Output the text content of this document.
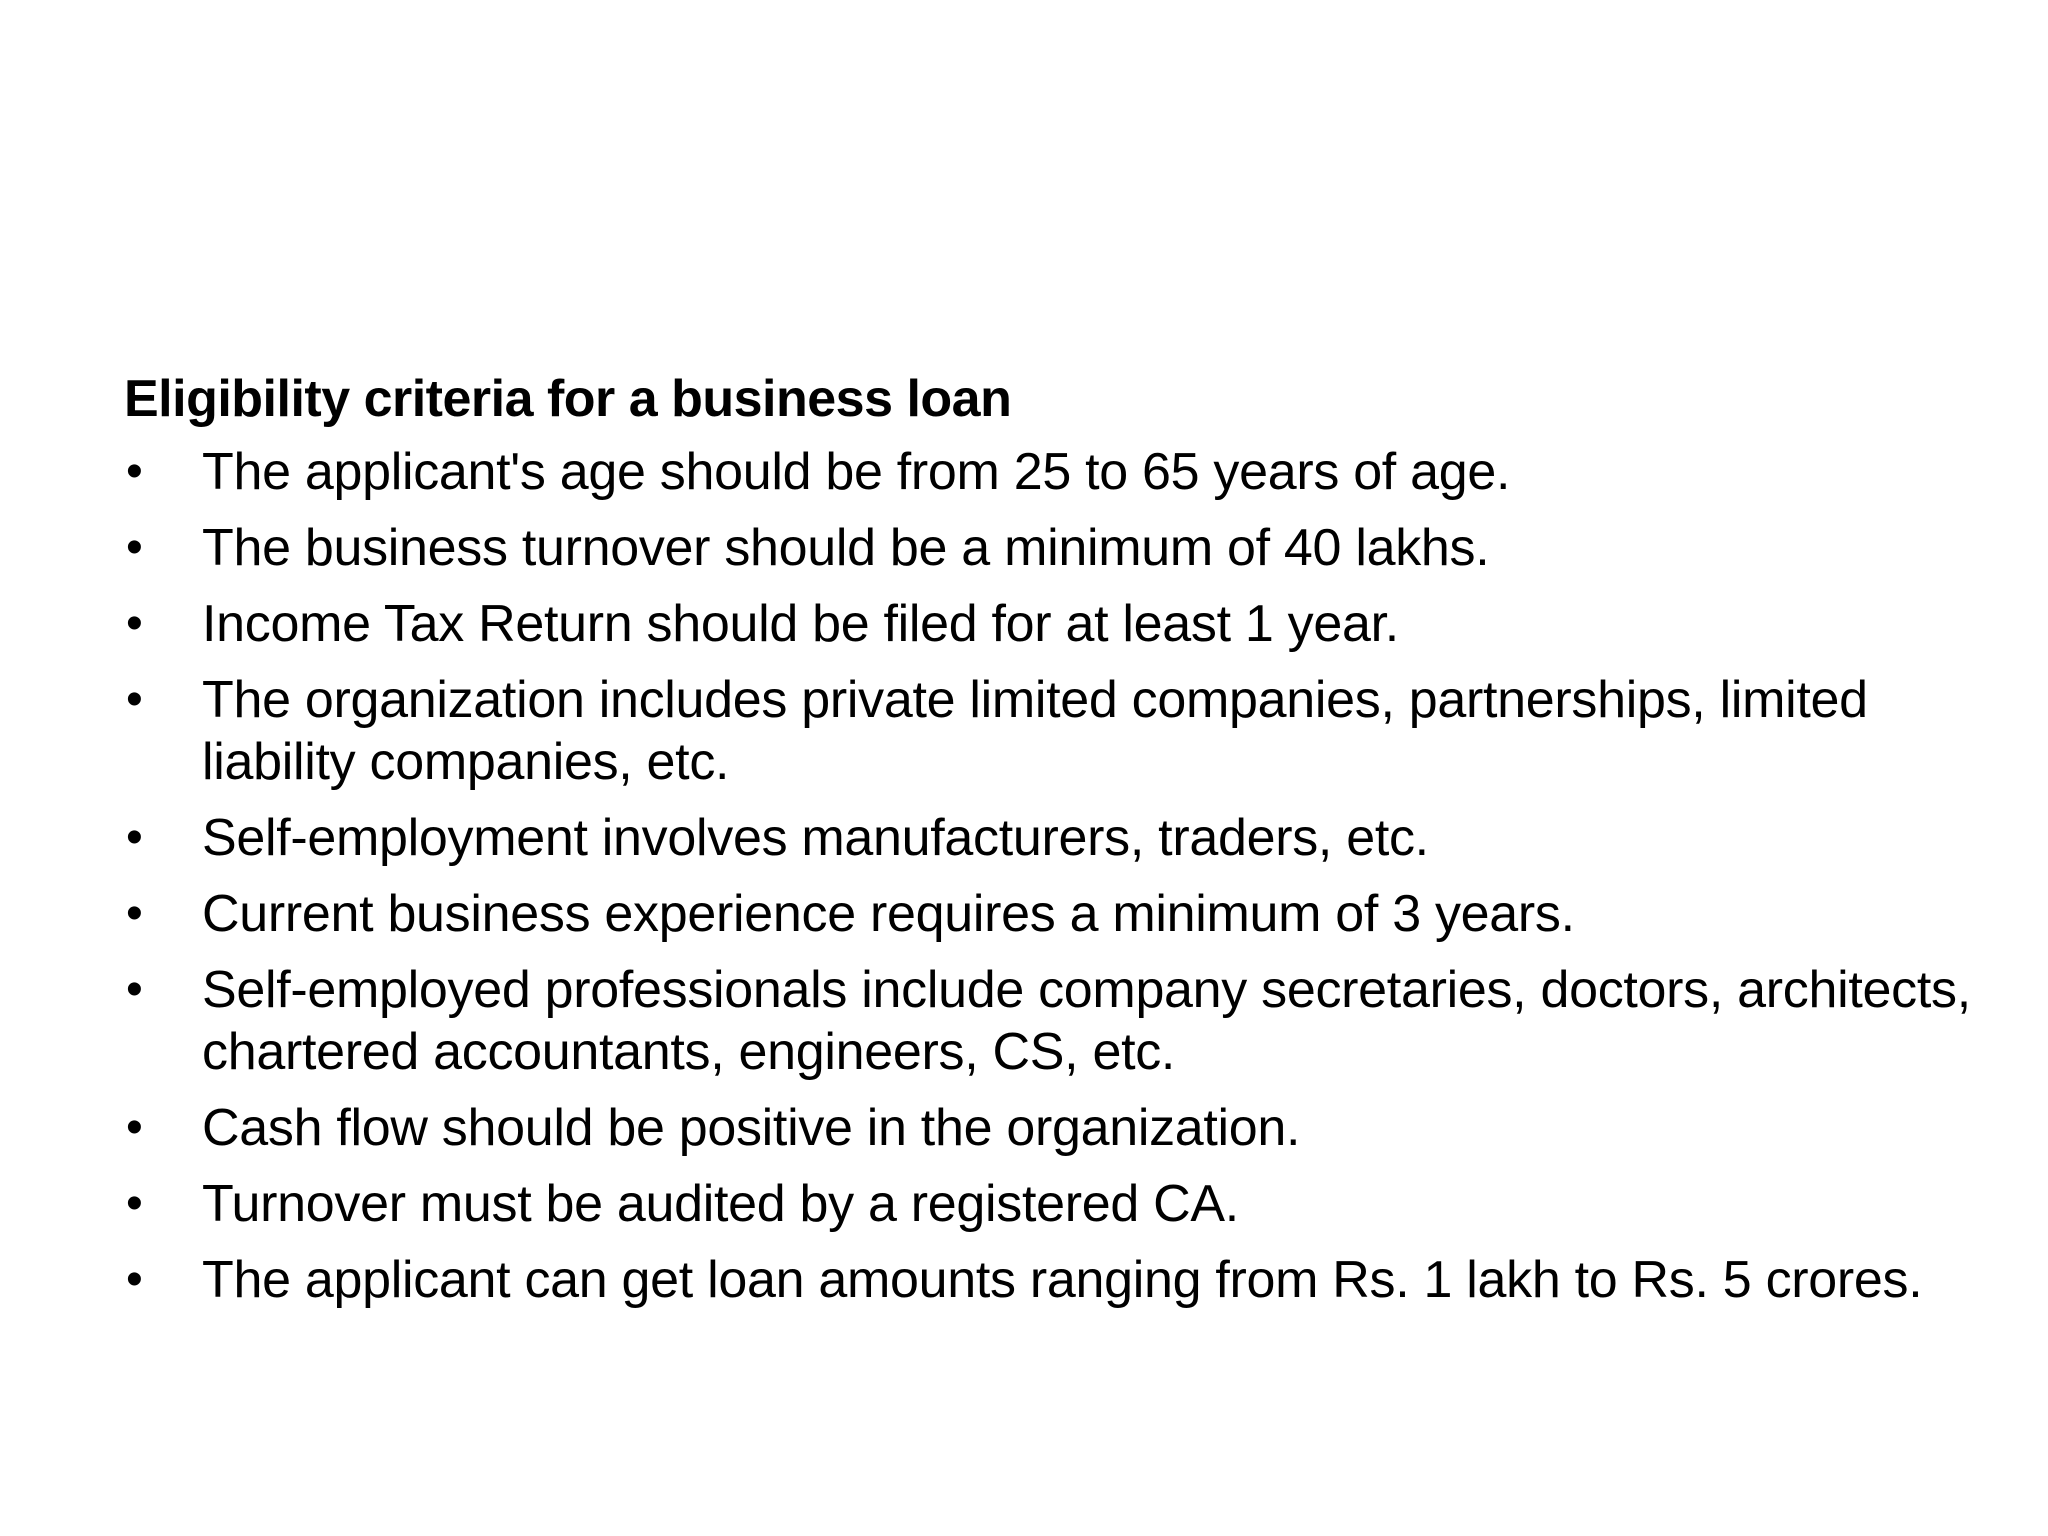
Eligibility criteria for a business loan
• The applicant's age should be from 25 to 65 years of age.
• The business turnover should be a minimum of 40 lakhs.
• Income Tax Return should be filed for at least 1 year.
• The organization includes private limited companies, partnerships, limited liability companies, etc.
• Self-employment involves manufacturers, traders, etc.
• Current business experience requires a minimum of 3 years.
• Self-employed professionals include company secretaries, doctors, architects, chartered accountants, engineers, CS, etc.
• Cash flow should be positive in the organization.
• Turnover must be audited by a registered CA.
• The applicant can get loan amounts ranging from Rs. 1 lakh to Rs. 5 crores.
